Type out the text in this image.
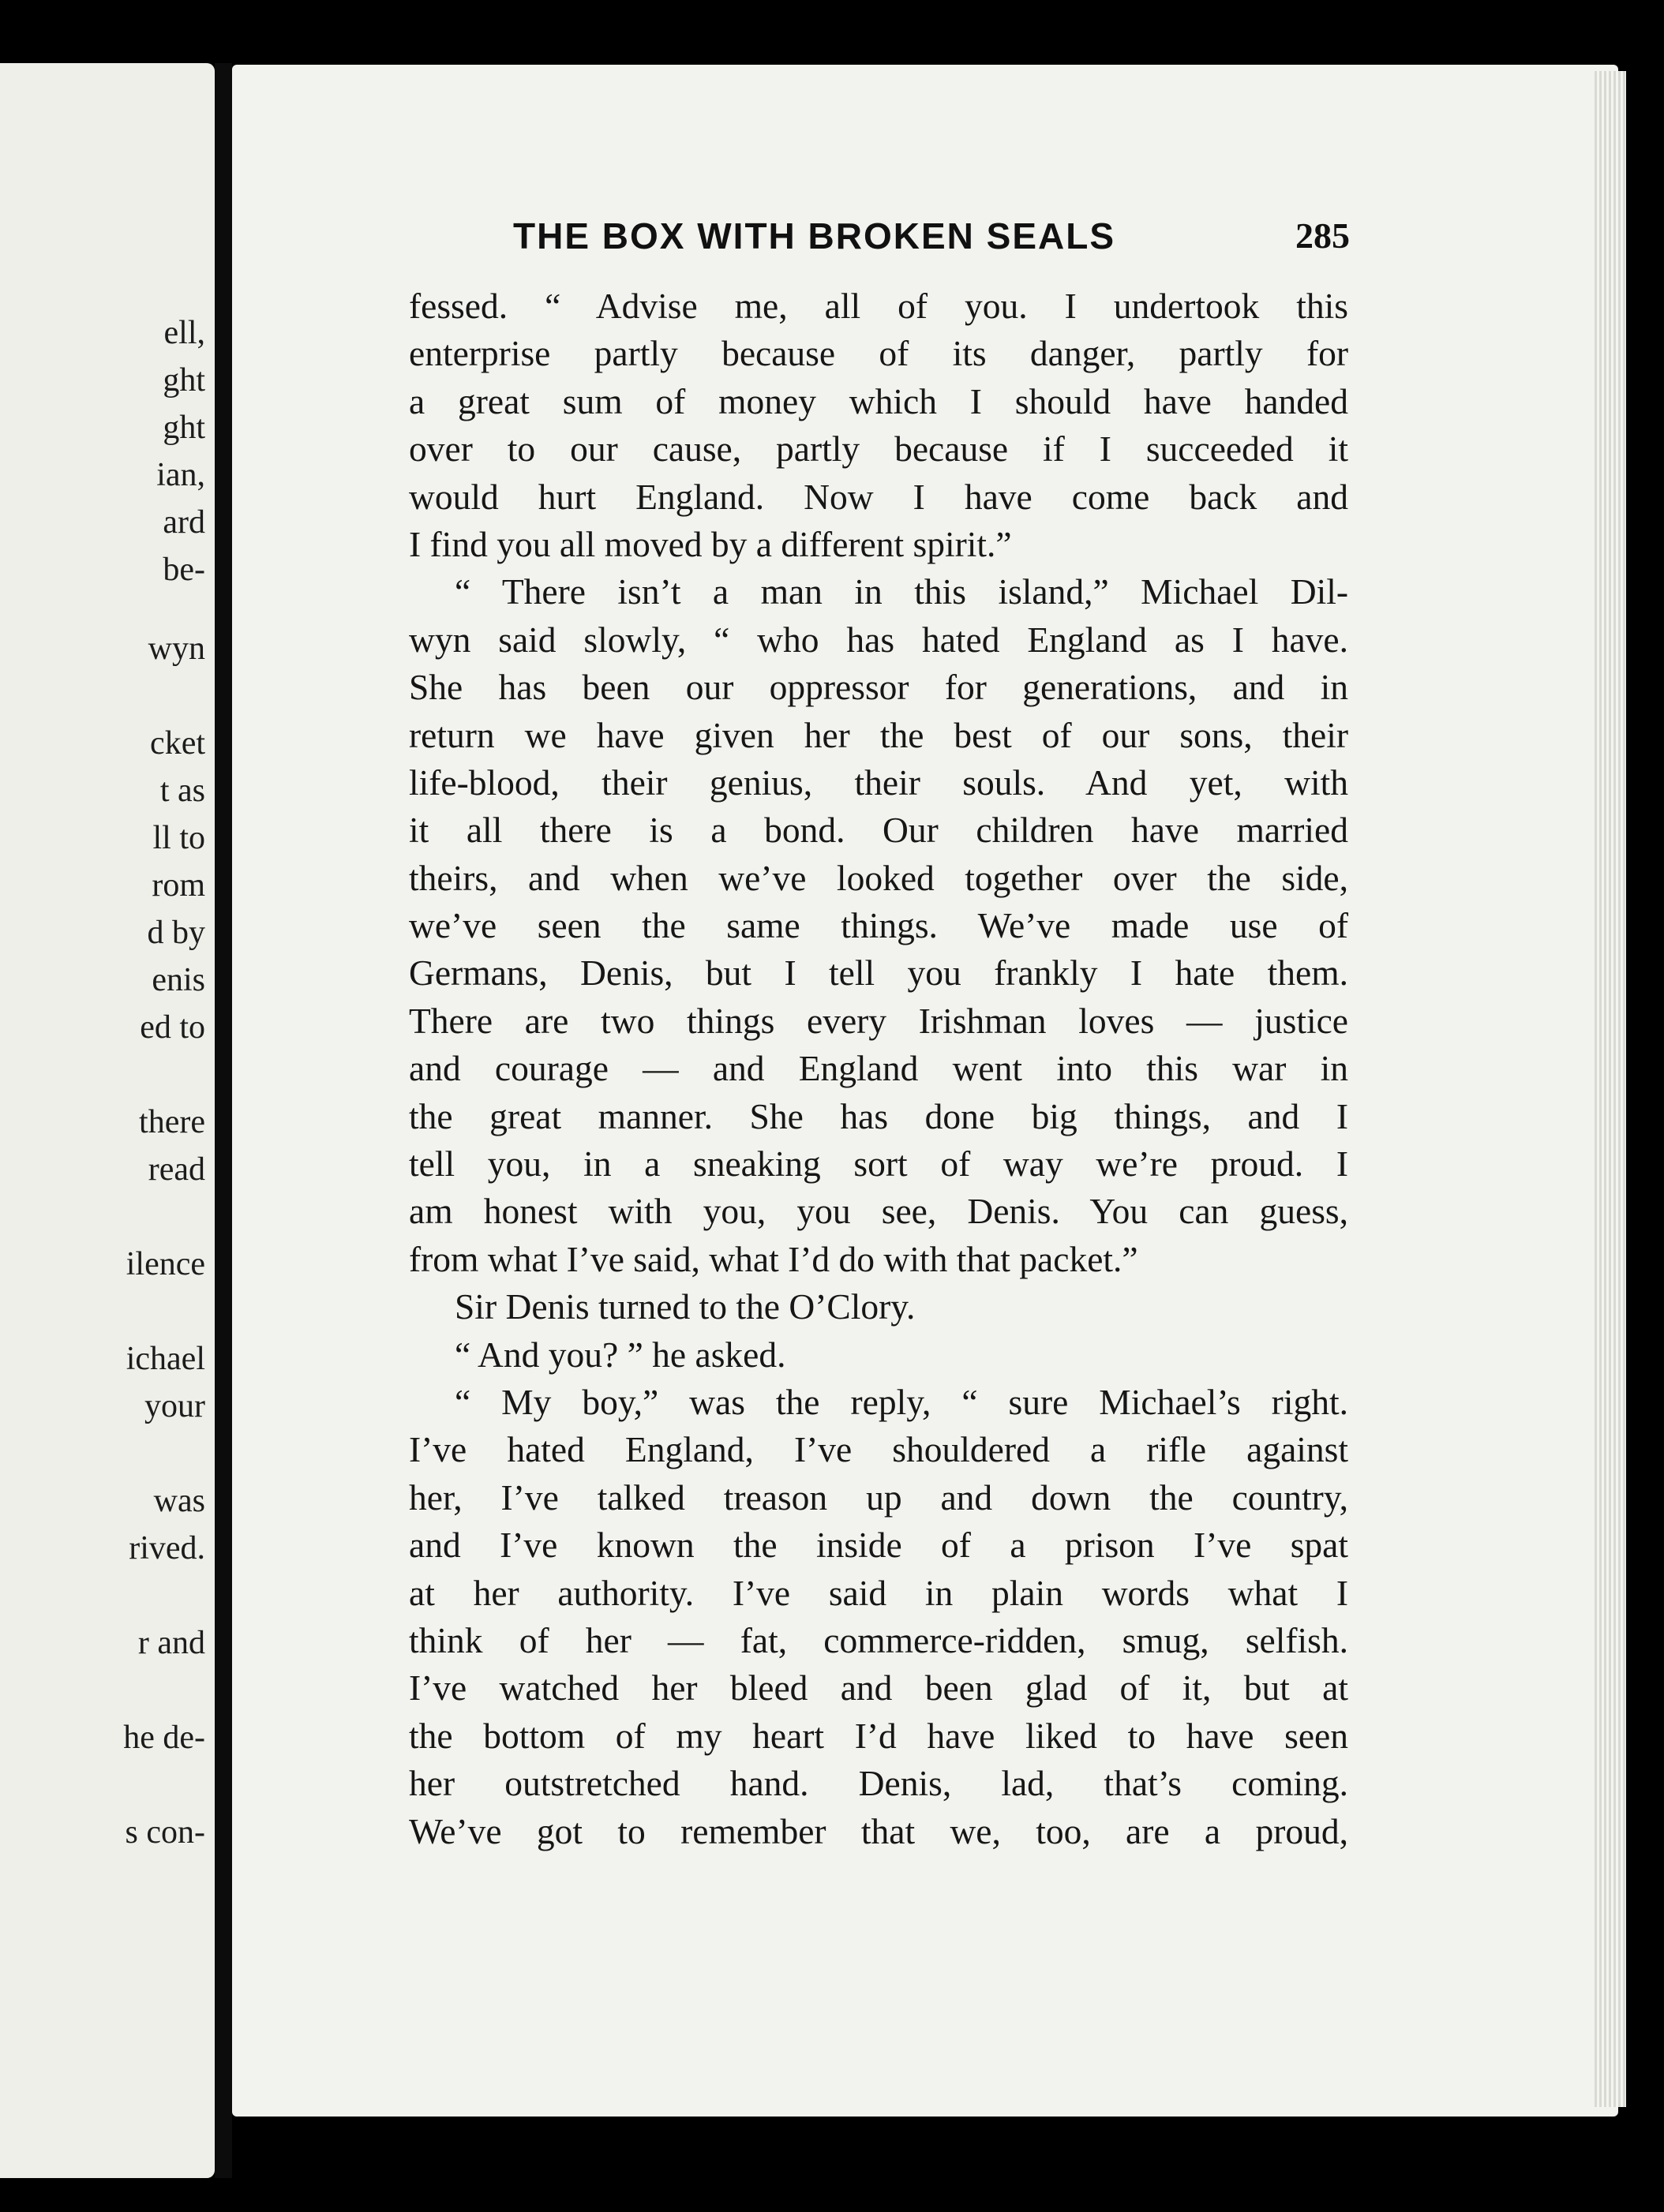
ell,
ght
ght
ian,
ard
be-
wyn
cket
t as
ll to
rom
d by
enis
ed to
there
read
ilence
ichael
your
was
rived.
r and
he de-
s con-
THE BOX WITH BROKEN SEALS	285
fessed. “ Advise me, all of you. I undertook this
enterprise partly because of its danger, partly for
a great sum of money which I should have handed
over to our cause, partly because if I succeeded it
would hurt England. Now I have come back and
I find you all moved by a different spirit.”
“ There isn’t a man in this island,” Michael Dil-
wyn said slowly, “ who has hated England as I have.
She has been our oppressor for generations, and in
return we have given her the best of our sons, their
life-blood, their genius, their souls. And yet, with
it all there is a bond. Our children have married
theirs, and when we’ve looked together over the side,
we’ve seen the same things. We’ve made use of
Germans, Denis, but I tell you frankly I hate them.
There are two things every Irishman loves — justice
and courage — and England went into this war in
the great manner. She has done big things, and I
tell you, in a sneaking sort of way we’re proud. I
am honest with you, you see, Denis. You can guess,
from what I’ve said, what I’d do with that packet.”
Sir Denis turned to the O’Clory.
“ And you? ” he asked.
“ My boy,” was the reply, “ sure Michael’s right.
I’ve hated England, I’ve shouldered a rifle against
her, I’ve talked treason up and down the country,
and I’ve known the inside of a prison I’ve spat
at her authority. I’ve said in plain words what I
think of her — fat, commerce-ridden, smug, selfish.
I’ve watched her bleed and been glad of it, but at
the bottom of my heart I’d have liked to have seen
her outstretched hand. Denis, lad, that’s coming.
We’ve got to remember that we, too, are a proud,
